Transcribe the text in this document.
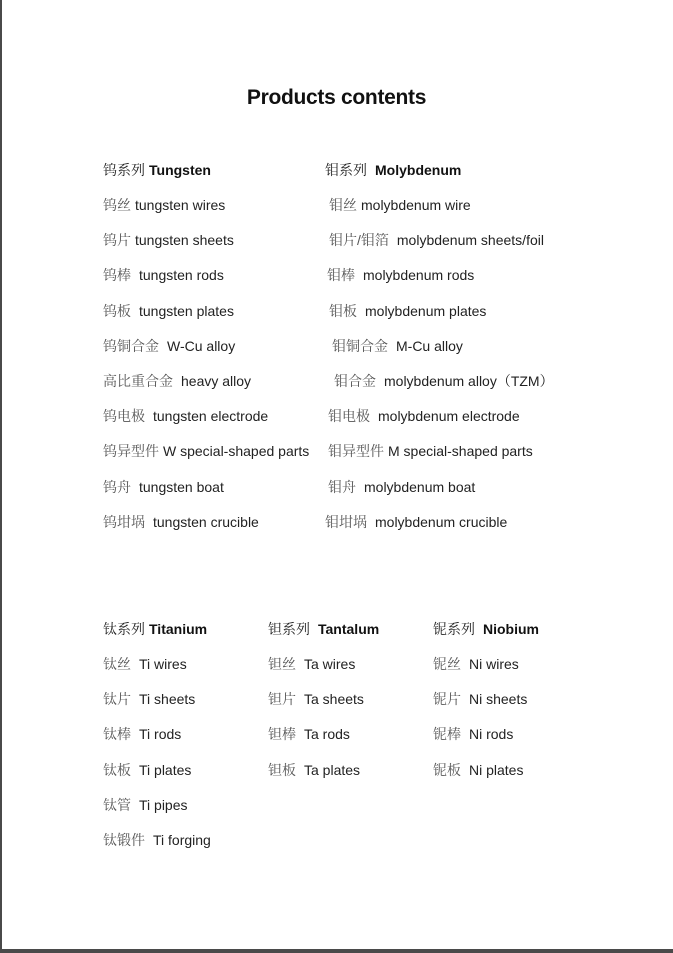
Products contents
钨系列 Tungsten
钨丝 tungsten wires
钨片 tungsten sheets
钨棒 tungsten rods
钨板 tungsten plates
钨铜合金 W-Cu alloy
高比重合金 heavy alloy
钨电极 tungsten electrode
钨异型件 W special-shaped parts
钨舟 tungsten boat
钨坩埚 tungsten crucible
钼系列 Molybdenum
钼丝 molybdenum wire
钼片/钼箔 molybdenum sheets/foil
钼棒 molybdenum rods
钼板 molybdenum plates
钼铜合金 M-Cu alloy
钼合金 molybdenum alloy（TZM）
钼电极 molybdenum electrode
钼异型件 M special-shaped parts
钼舟 molybdenum boat
钼坩埚 molybdenum crucible
钛系列 Titanium
钛丝 Ti wires
钛片 Ti sheets
钛棒 Ti rods
钛板 Ti plates
钛管 Ti pipes
钛锻件 Ti forging
钽系列 Tantalum
钽丝 Ta wires
钽片 Ta sheets
钽棒 Ta rods
钽板 Ta plates
铌系列 Niobium
铌丝 Ni wires
铌片 Ni sheets
铌棒 Ni rods
铌板 Ni plates
